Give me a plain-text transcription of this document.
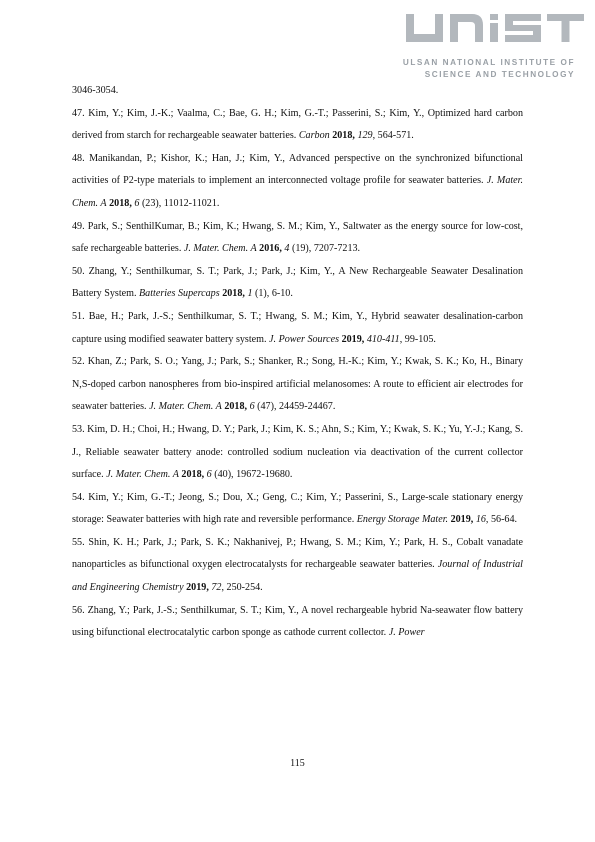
ULSAN NATIONAL INSTITUTE OF
SCIENCE AND TECHNOLOGY

3046-3054.

47. Kim, Y.; Kim, J.-K.; Vaalma, C.; Bae, G. H.; Kim, G.-T.; Passerini, S.; Kim, Y., Optimized hard carbon derived from starch for rechargeable seawater batteries. Carbon 2018, 129, 564-571.

48. Manikandan, P.; Kishor, K.; Han, J.; Kim, Y., Advanced perspective on the synchronized bifunctional activities of P2-type materials to implement an interconnected voltage profile for seawater batteries. J. Mater. Chem. A 2018, 6 (23), 11012-11021.

49. Park, S.; SenthilKumar, B.; Kim, K.; Hwang, S. M.; Kim, Y., Saltwater as the energy source for low-cost, safe rechargeable batteries. J. Mater. Chem. A 2016, 4 (19), 7207-7213.

50. Zhang, Y.; Senthilkumar, S. T.; Park, J.; Park, J.; Kim, Y., A New Rechargeable Seawater Desalination Battery System. Batteries Supercaps 2018, 1 (1), 6-10.

51. Bae, H.; Park, J.-S.; Senthilkumar, S. T.; Hwang, S. M.; Kim, Y., Hybrid seawater desalination-carbon capture using modified seawater battery system. J. Power Sources 2019, 410-411, 99-105.

52. Khan, Z.; Park, S. O.; Yang, J.; Park, S.; Shanker, R.; Song, H.-K.; Kim, Y.; Kwak, S. K.; Ko, H., Binary N,S-doped carbon nanospheres from bio-inspired artificial melanosomes: A route to efficient air electrodes for seawater batteries. J. Mater. Chem. A 2018, 6 (47), 24459-24467.

53. Kim, D. H.; Choi, H.; Hwang, D. Y.; Park, J.; Kim, K. S.; Ahn, S.; Kim, Y.; Kwak, S. K.; Yu, Y.-J.; Kang, S. J., Reliable seawater battery anode: controlled sodium nucleation via deactivation of the current collector surface. J. Mater. Chem. A 2018, 6 (40), 19672-19680.

54. Kim, Y.; Kim, G.-T.; Jeong, S.; Dou, X.; Geng, C.; Kim, Y.; Passerini, S., Large-scale stationary energy storage: Seawater batteries with high rate and reversible performance. Energy Storage Mater. 2019, 16, 56-64.

55. Shin, K. H.; Park, J.; Park, S. K.; Nakhanivej, P.; Hwang, S. M.; Kim, Y.; Park, H. S., Cobalt vanadate nanoparticles as bifunctional oxygen electrocatalysts for rechargeable seawater batteries. Journal of Industrial and Engineering Chemistry 2019, 72, 250-254.

56. Zhang, Y.; Park, J.-S.; Senthilkumar, S. T.; Kim, Y., A novel rechargeable hybrid Na-seawater flow battery using bifunctional electrocatalytic carbon sponge as cathode current collector. J. Power

115
